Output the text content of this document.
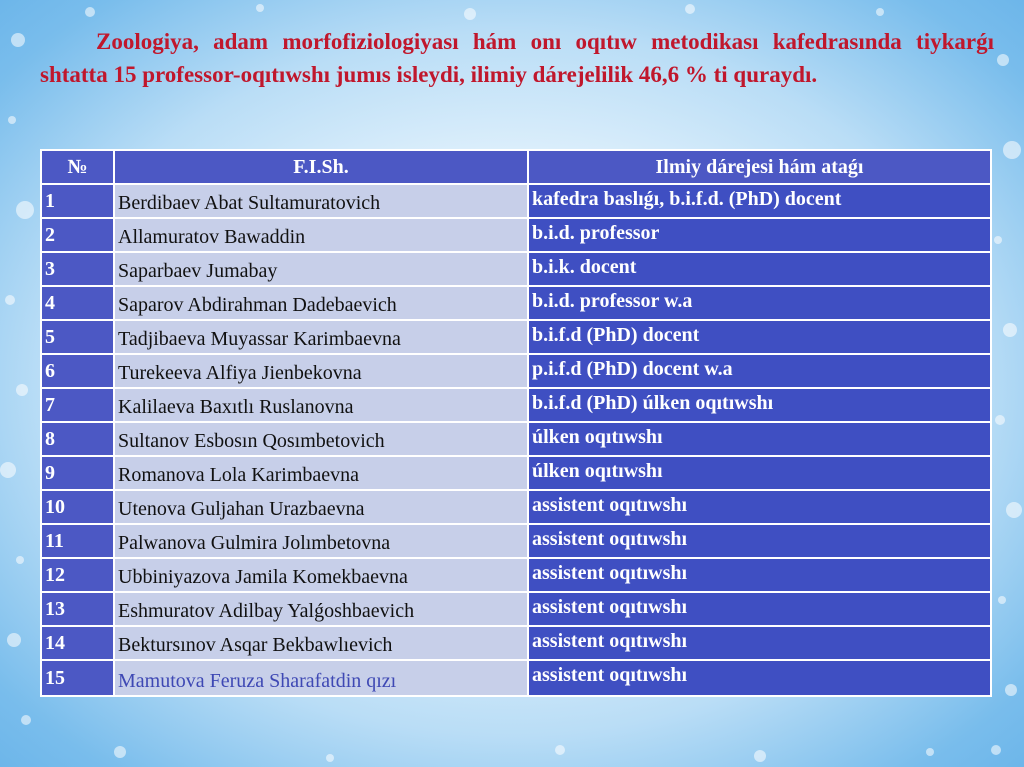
Zoologiya, adam morfofiziologiyası hám onı oqıtıw metodikası kafedrasında tiykarǵı shtatta 15 professor-oqıtıwshı jumıs isleydi, ilimiy dárejelilik 46,6 % ti quraydı.
№	F.I.Sh.	Ilmiy dárejesi hám ataǵı
1	Berdibaev Abat Sultamuratovich	kafedra baslıǵı, b.i.f.d. (PhD) docent
2	Allamuratov Bawaddin	b.i.d. professor
3	Saparbaev Jumabay	b.i.k. docent
4	Saparov Abdirahman Dadebaevich	b.i.d. professor w.a
5	Tadjibaeva Muyassar Karimbaevna	b.i.f.d (PhD) docent
6	Turekeeva Alfiya Jienbekovna	p.i.f.d (PhD) docent w.a
7	Kalilaeva Baxıtlı Ruslanovna	b.i.f.d (PhD) úlken oqıtıwshı
8	Sultanov Esbosın Qosımbetovich	úlken oqıtıwshı
9	Romanova Lola Karimbaevna	úlken oqıtıwshı
10	Utenova Guljahan Urazbaevna	assistent oqıtıwshı
11	Palwanova Gulmira Jolımbetovna	assistent oqıtıwshı
12	Ubbiniyazova Jamila Komekbaevna	assistent oqıtıwshı
13	Eshmuratov Adilbay Yalǵoshbaevich	assistent oqıtıwshı
14	Bektursınov Asqar Bekbawlıevich	assistent oqıtıwshı
15	Mamutova Feruza Sharafatdin qızı	assistent oqıtıwshı
